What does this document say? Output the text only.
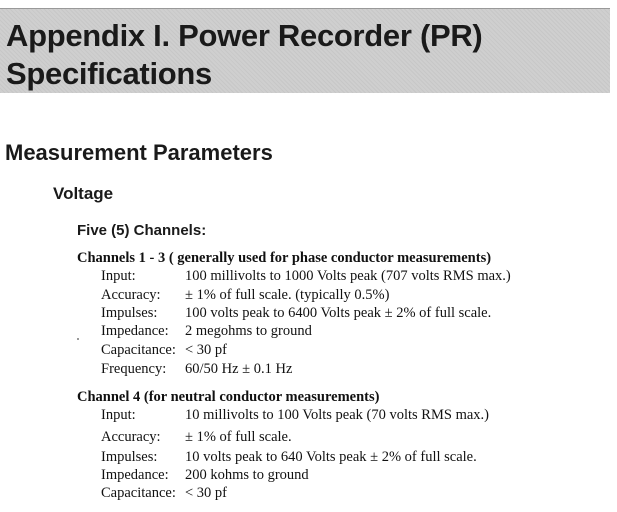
Appendix I. Power Recorder (PR)
Specifications
Measurement Parameters
Voltage
Five (5) Channels:
Channels 1 - 3 ( generally used for phase conductor measurements)
Input:	100 millivolts to 1000 Volts peak (707 volts RMS max.)
Accuracy: ± 1% of full scale. (typically 0.5%)
Impulses: 100 volts peak to 6400 Volts peak ± 2% of full scale.
Impedance: 2 megohms to ground
Capacitance: < 30 pf
Frequency: 60/50 Hz ± 0.1 Hz
Channel 4 (for neutral conductor measurements)
Input:	10 millivolts to 100 Volts peak (70 volts RMS max.)
Accuracy: ± 1% of full scale.
Impulses: 10 volts peak to 640 Volts peak ± 2% of full scale.
Impedance: 200 kohms to ground
Capacitance: < 30 pf
